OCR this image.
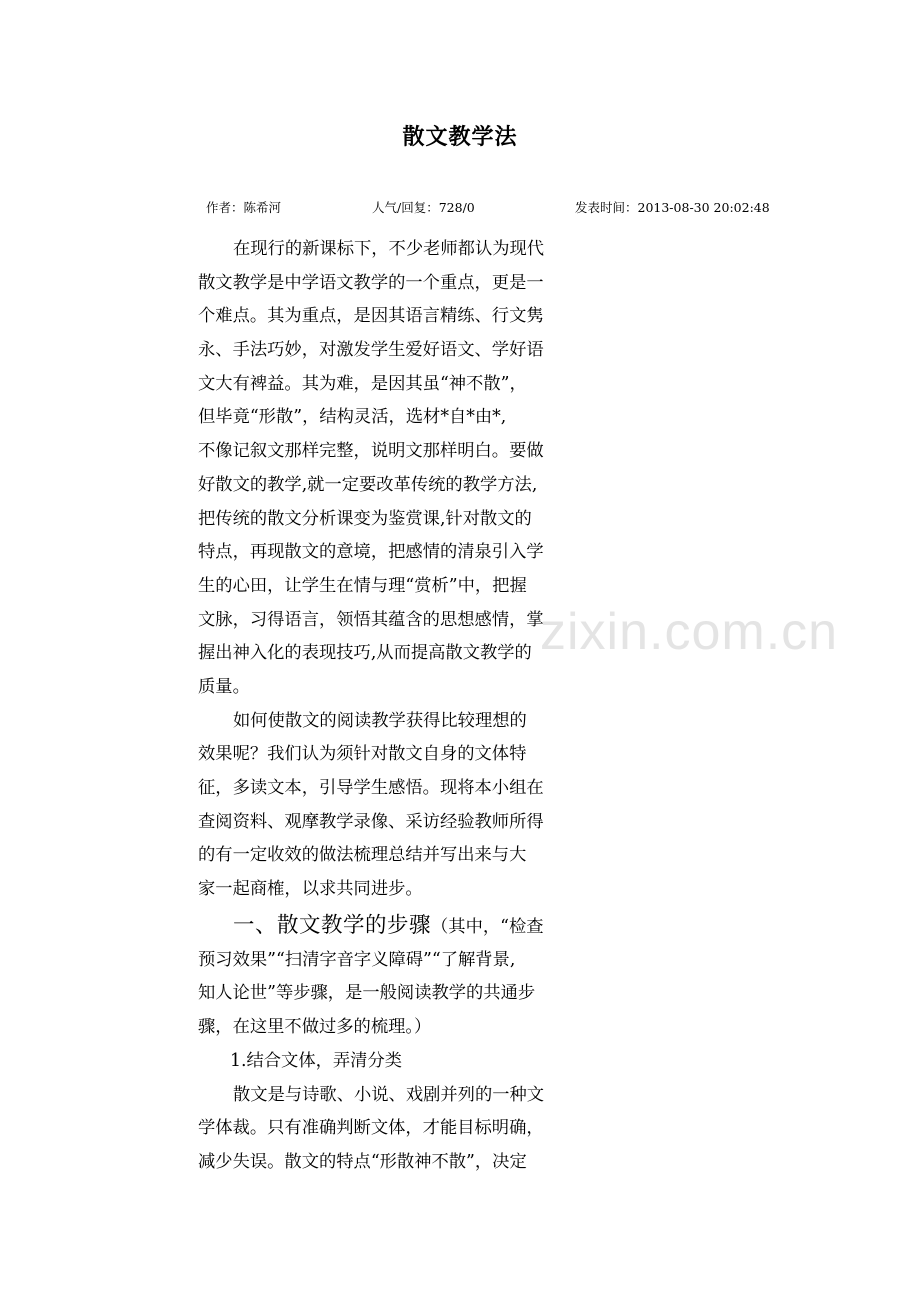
散文教学法
作者：陈希河	人气/回复：728/0	发表时间：2013-08-30 20:02:48
zixin.com.cn
在现行的新课标下，不少老师都认为现代
散文教学是中学语文教学的一个重点，更是一
个难点。其为重点，是因其语言精练、行文隽
永、手法巧妙，对激发学生爱好语文、学好语
文大有裨益。其为难，是因其虽“神不散”，
但毕竟“形散”，结构灵活，选材*自*由*,
不像记叙文那样完整，说明文那样明白。要做
好散文的教学,就一定要改革传统的教学方法,
把传统的散文分析课变为鉴赏课,针对散文的
特点，再现散文的意境，把感情的清泉引入学
生的心田，让学生在情与理“赏析”中，把握
文脉，习得语言，领悟其蕴含的思想感情，掌
握出神入化的表现技巧,从而提高散文教学的
质量。
如何使散文的阅读教学获得比较理想的
效果呢？我们认为须针对散文自身的文体特
征，多读文本，引导学生感悟。现将本小组在
查阅资料、观摩教学录像、采访经验教师所得
的有一定收效的做法梳理总结并写出来与大
家一起商榷，以求共同进步。
一、散文教学的步骤（其中，“检查
预习效果”“扫清字音字义障碍”“了解背景,
知人论世”等步骤，是一般阅读教学的共通步
骤，在这里不做过多的梳理。）
1.结合文体，弄清分类
散文是与诗歌、小说、戏剧并列的一种文
学体裁。只有准确判断文体，才能目标明确，
减少失误。散文的特点“形散神不散”，决定
